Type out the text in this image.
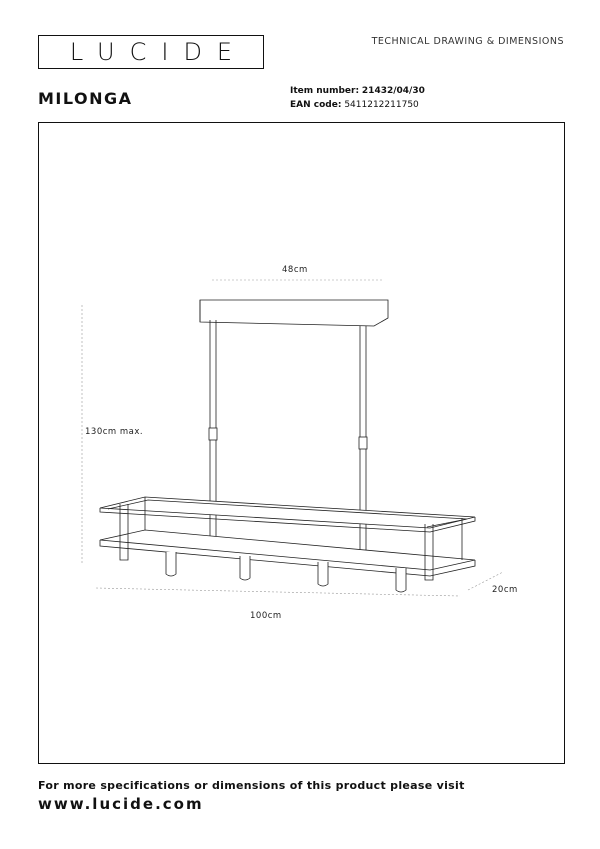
LUCIDE	TECHNICAL DRAWING & DIMENSIONS
MILONGA	Item number: 21432/04/30
EAN code: 5411212211750
48cm
130cm max.
100cm
20cm
For more specifications or dimensions of this product please visit
www.lucide.com
